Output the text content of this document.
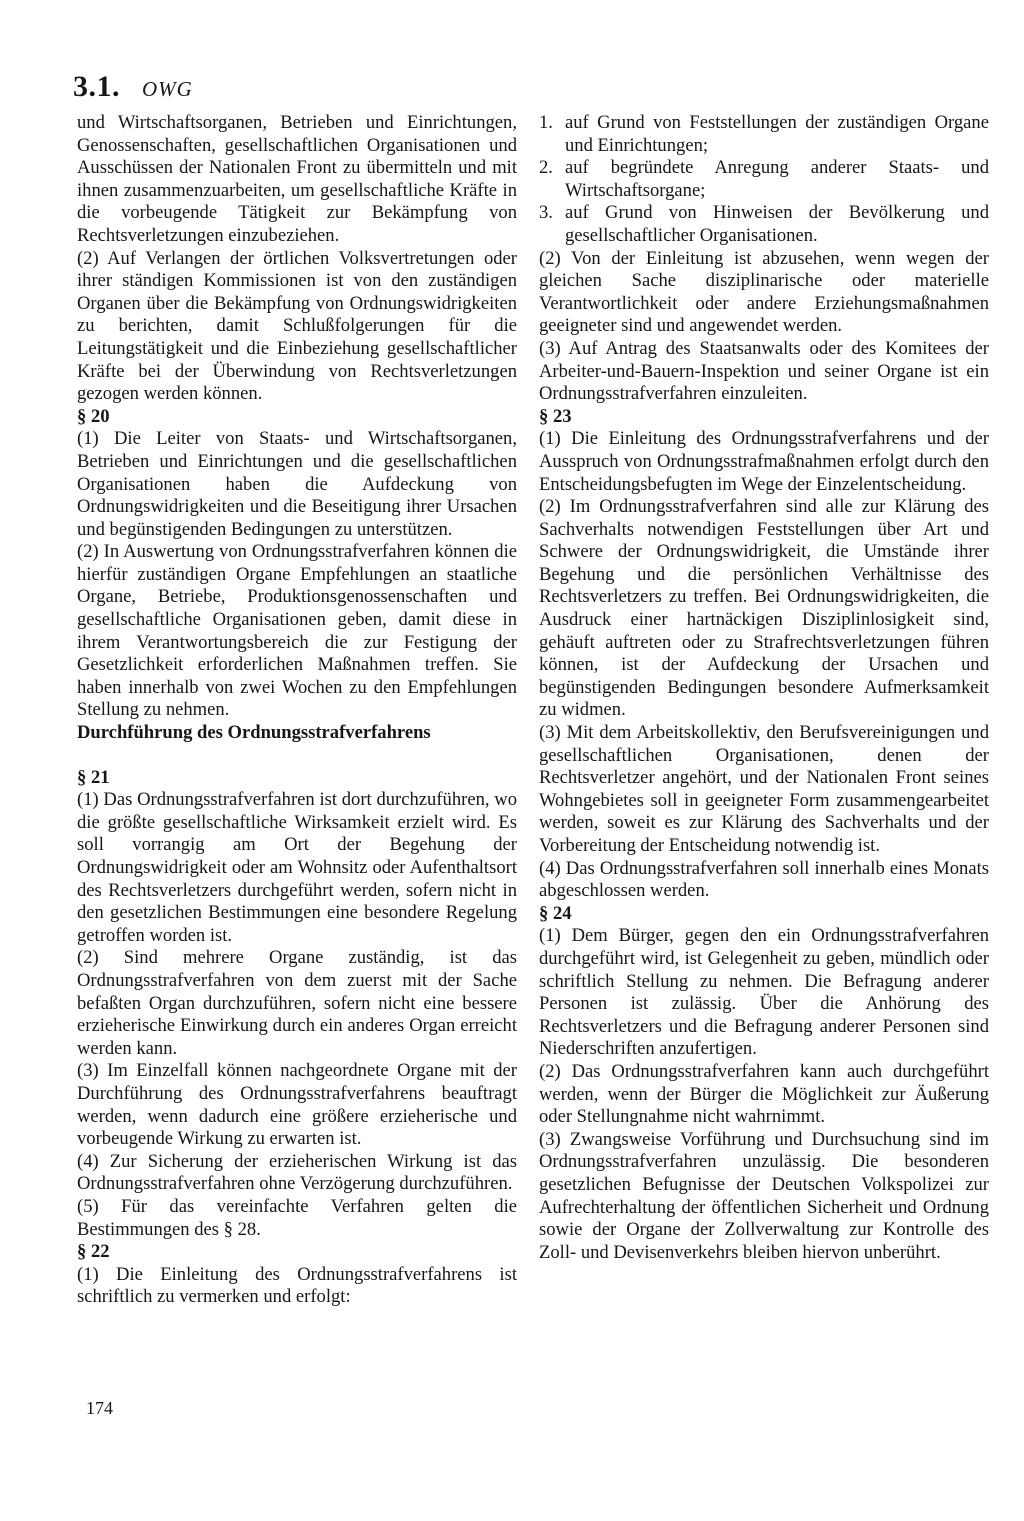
3.1. OWG

und Wirtschaftsorganen, Betrieben und Einrichtungen, Genossenschaften, gesellschaftlichen Organisationen und Ausschüssen der Nationalen Front zu übermitteln und mit ihnen zusammenzuarbeiten, um gesellschaftliche Kräfte in die vorbeugende Tätigkeit zur Bekämpfung von Rechtsverletzungen einzubeziehen.

(2) Auf Verlangen der örtlichen Volksvertretungen oder ihrer ständigen Kommissionen ist von den zuständigen Organen über die Bekämpfung von Ordnungswidrigkeiten zu berichten, damit Schlußfolgerungen für die Leitungstätigkeit und die Einbeziehung gesellschaftlicher Kräfte bei der Überwindung von Rechtsverletzungen gezogen werden können.

§ 20

(1) Die Leiter von Staats- und Wirtschaftsorganen, Betrieben und Einrichtungen und die gesellschaftlichen Organisationen haben die Aufdeckung von Ordnungswidrigkeiten und die Beseitigung ihrer Ursachen und begünstigenden Bedingungen zu unterstützen.

(2) In Auswertung von Ordnungsstrafverfahren können die hierfür zuständigen Organe Empfehlungen an staatliche Organe, Betriebe, Produktionsgenossenschaften und gesellschaftliche Organisationen geben, damit diese in ihrem Verantwortungsbereich die zur Festigung der Gesetzlichkeit erforderlichen Maßnahmen treffen. Sie haben innerhalb von zwei Wochen zu den Empfehlungen Stellung zu nehmen.

Durchführung des Ordnungsstrafverfahrens

§ 21

(1) Das Ordnungsstrafverfahren ist dort durchzuführen, wo die größte gesellschaftliche Wirksamkeit erzielt wird. Es soll vorrangig am Ort der Begehung der Ordnungswidrigkeit oder am Wohnsitz oder Aufenthaltsort des Rechtsverletzers durchgeführt werden, sofern nicht in den gesetzlichen Bestimmungen eine besondere Regelung getroffen worden ist.

(2) Sind mehrere Organe zuständig, ist das Ordnungsstrafverfahren von dem zuerst mit der Sache befaßten Organ durchzuführen, sofern nicht eine bessere erzieherische Einwirkung durch ein anderes Organ erreicht werden kann.

(3) Im Einzelfall können nachgeordnete Organe mit der Durchführung des Ordnungsstrafverfahrens beauftragt werden, wenn dadurch eine größere erzieherische und vorbeugende Wirkung zu erwarten ist.

(4) Zur Sicherung der erzieherischen Wirkung ist das Ordnungsstrafverfahren ohne Verzögerung durchzuführen.

(5) Für das vereinfachte Verfahren gelten die Bestimmungen des § 28.

§ 22

(1) Die Einleitung des Ordnungsstrafverfahrens ist schriftlich zu vermerken und erfolgt:

1. auf Grund von Feststellungen der zuständigen Organe und Einrichtungen;
2. auf begründete Anregung anderer Staats- und Wirtschaftsorgane;
3. auf Grund von Hinweisen der Bevölkerung und gesellschaftlicher Organisationen.

(2) Von der Einleitung ist abzusehen, wenn wegen der gleichen Sache disziplinarische oder materielle Verantwortlichkeit oder andere Erziehungsmaßnahmen geeigneter sind und angewendet werden.

(3) Auf Antrag des Staatsanwalts oder des Komitees der Arbeiter-und-Bauern-Inspektion und seiner Organe ist ein Ordnungsstrafverfahren einzuleiten.

§ 23

(1) Die Einleitung des Ordnungsstrafverfahrens und der Ausspruch von Ordnungsstrafmaßnahmen erfolgt durch den Entscheidungsbefugten im Wege der Einzelentscheidung.

(2) Im Ordnungsstrafverfahren sind alle zur Klärung des Sachverhalts notwendigen Feststellungen über Art und Schwere der Ordnungswidrigkeit, die Umstände ihrer Begehung und die persönlichen Verhältnisse des Rechtsverletzers zu treffen. Bei Ordnungswidrigkeiten, die Ausdruck einer hartnäckigen Disziplinlosigkeit sind, gehäuft auftreten oder zu Strafrechtsverletzungen führen können, ist der Aufdeckung der Ursachen und begünstigenden Bedingungen besondere Aufmerksamkeit zu widmen.

(3) Mit dem Arbeitskollektiv, den Berufsvereinigungen und gesellschaftlichen Organisationen, denen der Rechtsverletzer angehört, und der Nationalen Front seines Wohngebietes soll in geeigneter Form zusammengearbeitet werden, soweit es zur Klärung des Sachverhalts und der Vorbereitung der Entscheidung notwendig ist.

(4) Das Ordnungsstrafverfahren soll innerhalb eines Monats abgeschlossen werden.

§ 24

(1) Dem Bürger, gegen den ein Ordnungsstrafverfahren durchgeführt wird, ist Gelegenheit zu geben, mündlich oder schriftlich Stellung zu nehmen. Die Befragung anderer Personen ist zulässig. Über die Anhörung des Rechtsverletzers und die Befragung anderer Personen sind Niederschriften anzufertigen.

(2) Das Ordnungsstrafverfahren kann auch durchgeführt werden, wenn der Bürger die Möglichkeit zur Äußerung oder Stellungnahme nicht wahrnimmt.

(3) Zwangsweise Vorführung und Durchsuchung sind im Ordnungsstrafverfahren unzulässig. Die besonderen gesetzlichen Befugnisse der Deutschen Volkspolizei zur Aufrechterhaltung der öffentlichen Sicherheit und Ordnung sowie der Organe der Zollverwaltung zur Kontrolle des Zoll- und Devisenverkehrs bleiben hiervon unberührt.

174
